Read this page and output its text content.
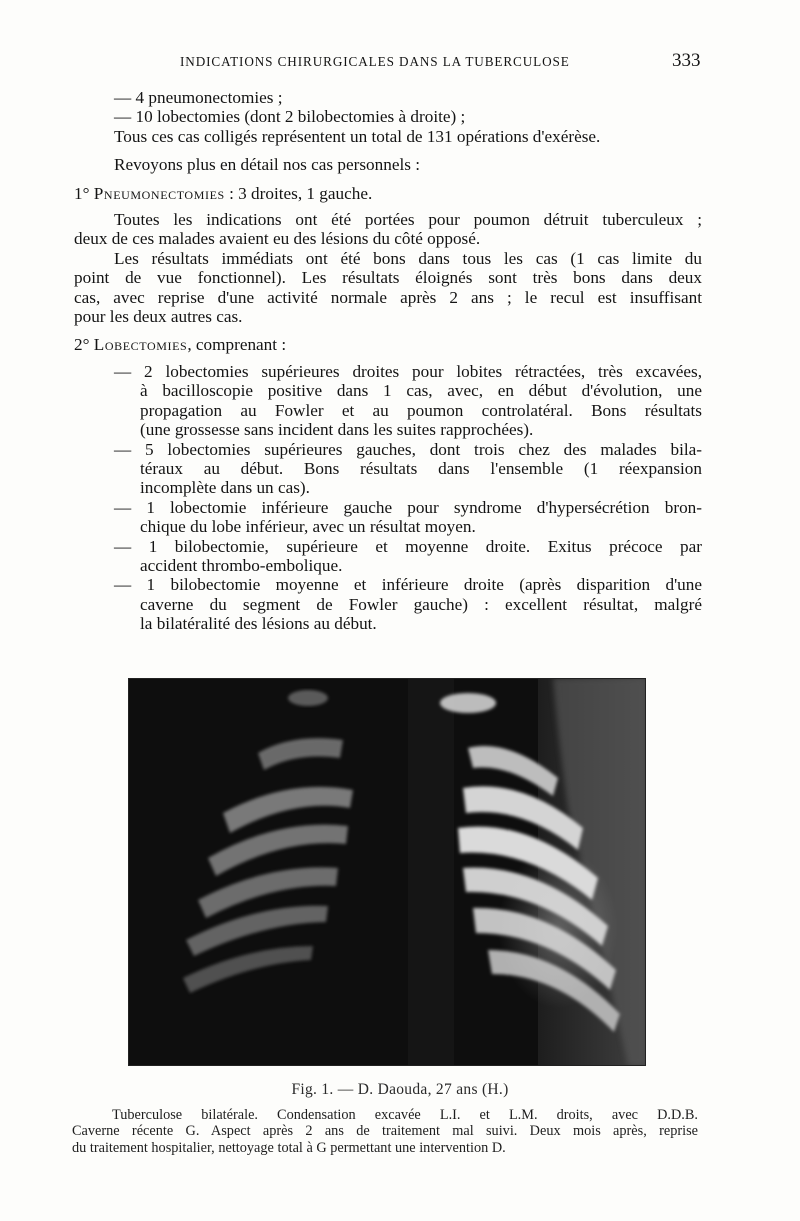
INDICATIONS CHIRURGICALES DANS LA TUBERCULOSE	333
— 4 pneumonectomies ;
— 10 lobectomies (dont 2 bilobectomies à droite) ;
Tous ces cas colligés représentent un total de 131 opérations d'exérèse.
Revoyons plus en détail nos cas personnels :
1° Pneumonectomies : 3 droites, 1 gauche.
Toutes les indications ont été portées pour poumon détruit tuberculeux ;
deux de ces malades avaient eu des lésions du côté opposé.
Les résultats immédiats ont été bons dans tous les cas (1 cas limite du
point de vue fonctionnel). Les résultats éloignés sont très bons dans deux
cas, avec reprise d'une activité normale après 2 ans ; le recul est insuffisant
pour les deux autres cas.
2° Lobectomies, comprenant :
— 2 lobectomies supérieures droites pour lobites rétractées, très excavées,
à bacilloscopie positive dans 1 cas, avec, en début d'évolution, une
propagation au Fowler et au poumon controlatéral. Bons résultats
(une grossesse sans incident dans les suites rapprochées).
— 5 lobectomies supérieures gauches, dont trois chez des malades bila-
téraux au début. Bons résultats dans l'ensemble (1 réexpansion
incomplète dans un cas).
— 1 lobectomie inférieure gauche pour syndrome d'hypersécrétion bron-
chique du lobe inférieur, avec un résultat moyen.
— 1 bilobectomie, supérieure et moyenne droite. Exitus précoce par
accident thrombo-embolique.
— 1 bilobectomie moyenne et inférieure droite (après disparition d'une
caverne du segment de Fowler gauche) : excellent résultat, malgré
la bilatéralité des lésions au début.
Fig. 1. — D. Daouda, 27 ans (H.)
Tuberculose bilatérale. Condensation excavée L.I. et L.M. droits, avec D.D.B.
Caverne récente G. Aspect après 2 ans de traitement mal suivi. Deux mois après, reprise
du traitement hospitalier, nettoyage total à G permettant une intervention D.
